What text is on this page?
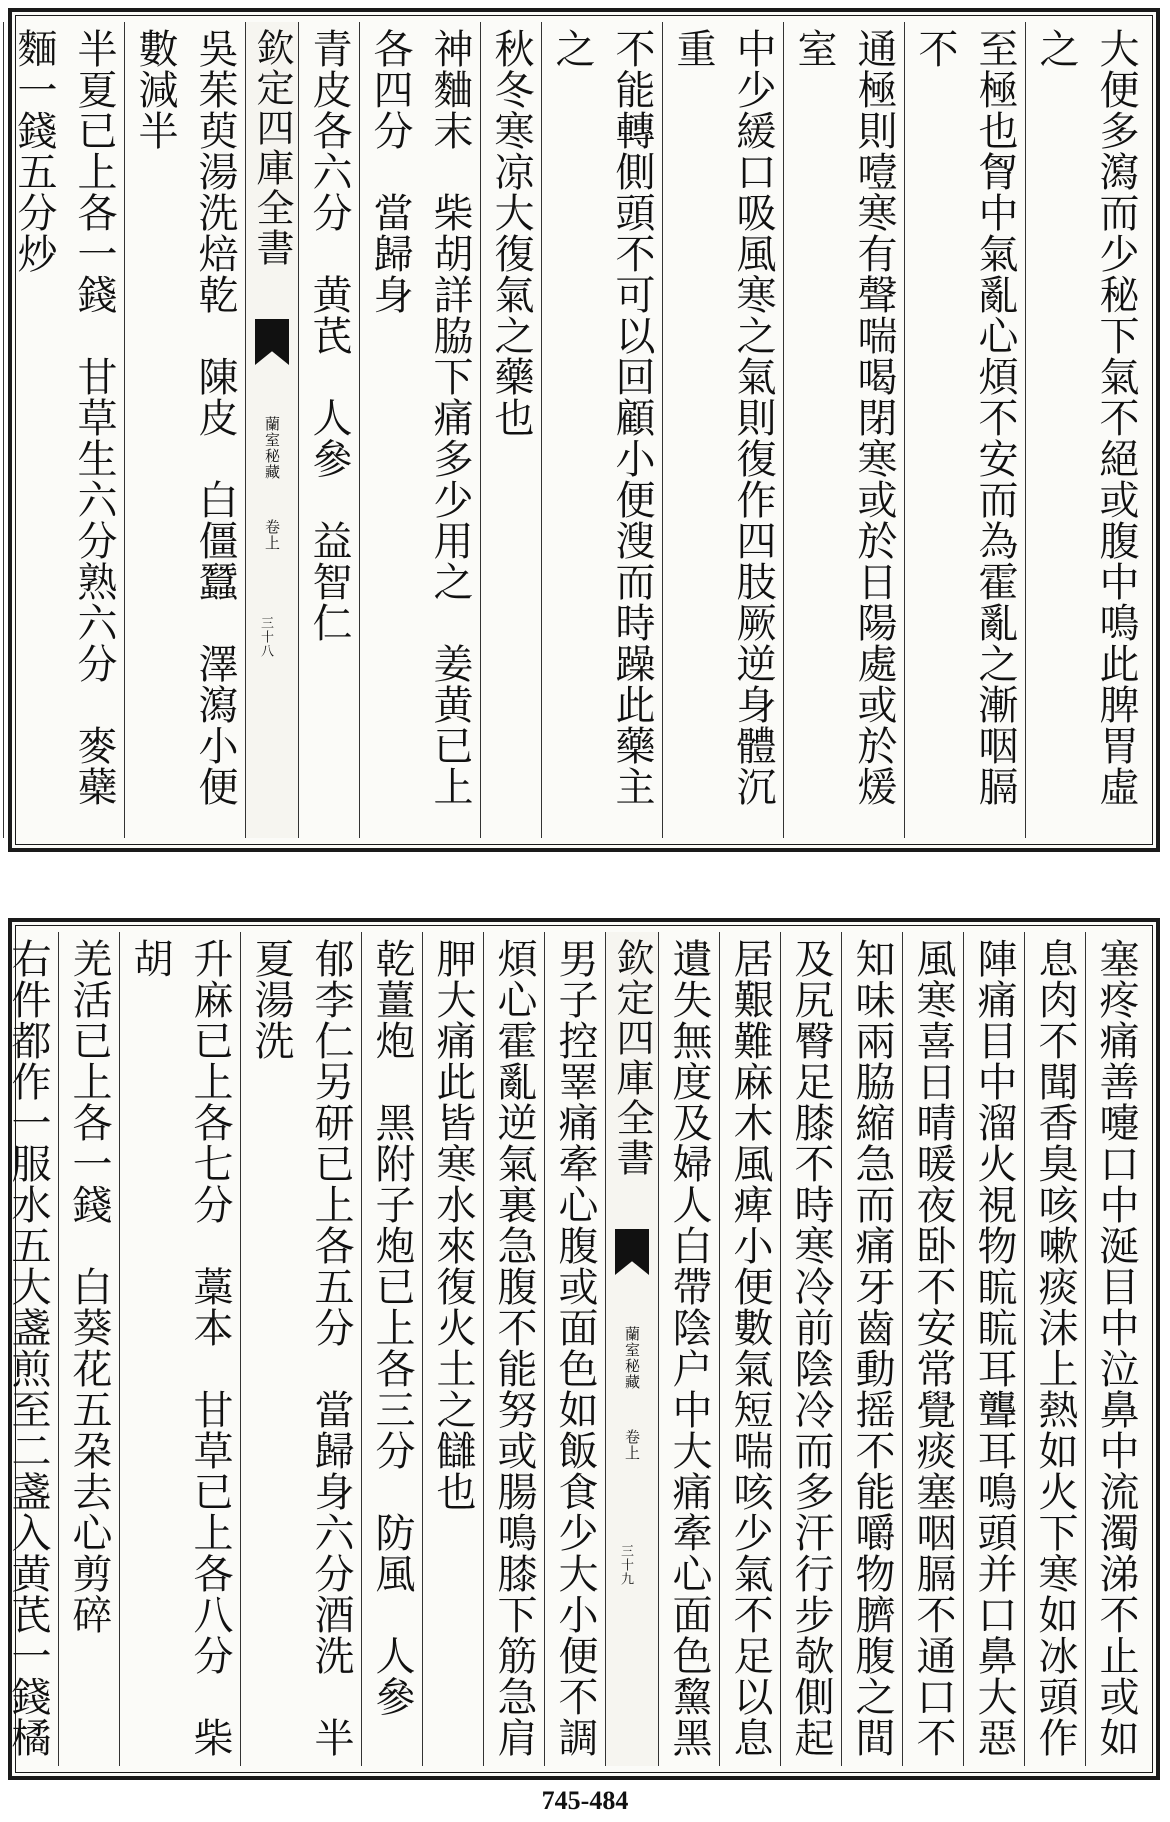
大便多瀉而少秘下氣不絕或腹中鳴此脾胃虛之
至極也胷中氣亂心煩不安而為霍亂之漸咽膈不
通極則噎寒有聲喘喝閉寒或於日陽處或於煖室
中少緩口吸風寒之氣則復作四肢厥逆身體沉重
不能轉側頭不可以回顧小便溲而時躁此藥主之
秋冬寒凉大復氣之藥也
神麯末　柴胡詳脇下痛多少用之　姜黄已上各四分　當歸身
青皮各六分　黄芪　人參　益智仁
欽定四庫全書  蘭室秘藏 卷上
三十八
吳茱萸湯洗焙乾　陳皮　白僵蠶　澤瀉小便數減半
半夏已上各一錢　甘草生六分熟六分　麥蘗麵一錢五分炒
塞疼痛善嚏口中涎目中泣鼻中流濁涕不止或如
息肉不聞香臭咳嗽痰沫上熱如火下寒如冰頭作
陣痛目中溜火視物䀮䀮耳聾耳鳴頭并口鼻大惡
風寒喜日晴暖夜卧不安常覺痰塞咽膈不通口不
知味兩脇縮急而痛牙齒動摇不能嚼物臍腹之間
及尻臀足膝不時寒冷前陰冷而多汗行步欹側起
居艱難麻木風痺小便數氣短喘咳少氣不足以息
遺失無度及婦人白帶陰户中大痛牽心面色黧黑
欽定四庫全書  蘭室秘藏 卷上
三十九
男子控睪痛牽心腹或面色如飯食少大小便不調
煩心霍亂逆氣裏急腹不能努或腸鳴膝下筋急肩
胛大痛此皆寒水來復火土之讎也
乾薑炮　黑附子炮已上各三分　防風　人參
郁李仁另研已上各五分　當歸身六分酒洗　半夏湯洗
升麻已上各七分　藁本　甘草已上各八分　柴胡
羌活已上各一錢　白葵花五朶去心剪碎
右件都作一服水五大盞煎至二盞入黄芪一錢橘
745-484
